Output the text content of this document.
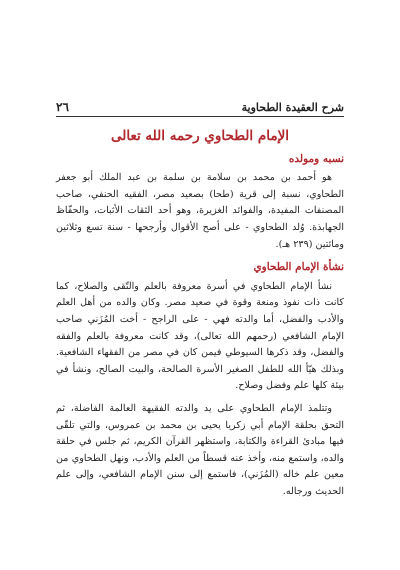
شرح العقيدة الطحاوية
٢٦
الإمام الطحاوي رحمه الله تعالى
نسبه ومولده

هو أحمد بن محمد بن سلامة بن سلمة بن عبد الملك أبو جعفر الطحاوي، نسبة إلى قرية (طحا) بصعيد مصر، الفقيه الحنفي، صاحب المصنفات المفيدة، والفوائد الغزيرة، وهو أحد الثقات الأثبات، والحفّاظ الجهابذة. وُلد الطحاوي - على أصح الأقوال وأرجحها - سنة تسع وثلاثين ومائتين (٢٣٩ هـ).

نشأة الإمام الطحاوي

نشأ الإمام الطحاوي في أسرة معروفة بالعلم والتّقى والصلاح، كما كانت ذات نفوذ ومنعة وقوة في صعيد مصر. وكان والده من أهل العلم والأدب والفضل، أما والدته فهي - على الراجح - أخت المُزَني صاحب الإمام الشافعي (رحمهم الله تعالى)، وقد كانت معروفة بالعلم والفقه والفضل، وقد ذكرها السيوطي فيمن كان في مصر من الفقهاء الشافعية. وبذلك هيّأ الله للطفل الصغير الأسرة الصالحة، والبيت الصالح، ونشأ في بيئة كلها علم وفضل وصلاح.

وتتلمذ الإمام الطحاوي على يد والدته الفقيهة العالمة الفاضلة، ثم التحق بحلقة الإمام أبي زكريا يحيى بن محمد بن عمروس، والتي تلقّى فيها مبادئ القراءة والكتابة، واستظهر القرآن الكريم، ثم جلس في حلقة والده، واستمع منه، وأخذ عنه قسطاً من العلم والأدب، ونهل الطحاوي من معين علم خاله (المُزَني)، فاستمع إلى سنن الإمام الشافعي، وإلى علم الحديث ورجاله.
